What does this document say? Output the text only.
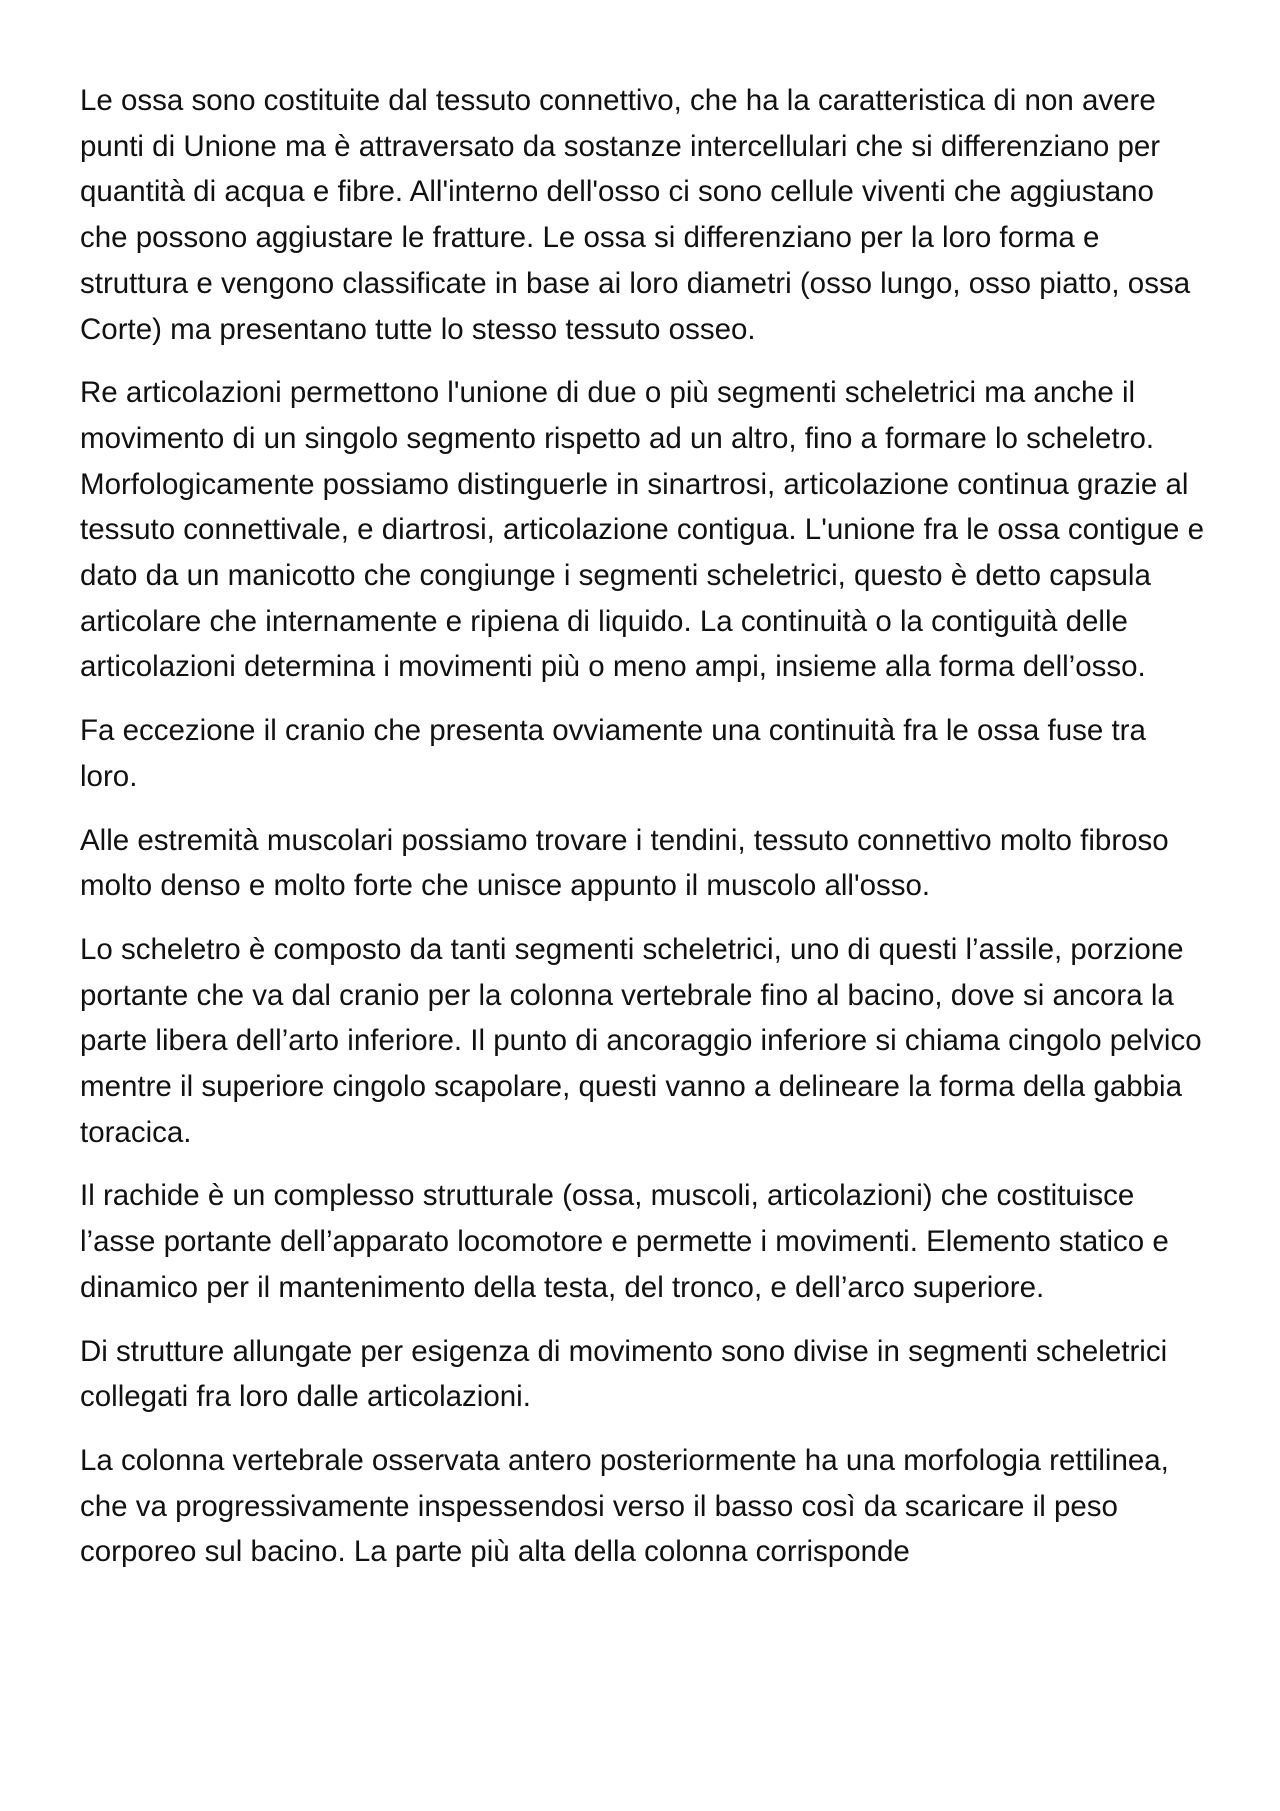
Le ossa sono costituite dal tessuto connettivo, che ha la caratteristica di non avere punti di Unione ma è attraversato da sostanze intercellulari che si differenziano per quantità di acqua e fibre. All'interno dell'osso ci sono cellule viventi che aggiustano che possono aggiustare le fratture. Le ossa si differenziano per la loro forma e struttura e vengono classificate in base ai loro diametri (osso lungo, osso piatto, ossa Corte) ma presentano tutte lo stesso tessuto osseo.

Re articolazioni permettono l'unione di due o più segmenti scheletrici ma anche il movimento di un singolo segmento rispetto ad un altro, fino a formare lo scheletro. Morfologicamente possiamo distinguerle in sinartrosi, articolazione continua grazie al tessuto connettivale, e diartrosi, articolazione contigua. L'unione fra le ossa contigue e dato da un manicotto che congiunge i segmenti scheletrici, questo è detto capsula articolare che internamente e ripiena di liquido. La continuità o la contiguità delle articolazioni determina i movimenti più o meno ampi, insieme alla forma dell’osso.

Fa eccezione il cranio che presenta ovviamente una continuità fra le ossa fuse tra loro.

Alle estremità muscolari possiamo trovare i tendini, tessuto connettivo molto fibroso molto denso e molto forte che unisce appunto il muscolo all'osso.

Lo scheletro è composto da tanti segmenti scheletrici, uno di questi l’assile, porzione portante che va dal cranio per la colonna vertebrale fino al bacino, dove si ancora la parte libera dell’arto inferiore. Il punto di ancoraggio inferiore si chiama cingolo pelvico mentre il superiore cingolo scapolare, questi vanno a delineare la forma della gabbia toracica.

Il rachide è un complesso strutturale (ossa, muscoli, articolazioni) che costituisce l’asse portante dell’apparato locomotore e permette i movimenti. Elemento statico e dinamico per il mantenimento della testa, del tronco, e dell’arco superiore.

Di strutture allungate per esigenza di movimento sono divise in segmenti scheletrici collegati fra loro dalle articolazioni.

La colonna vertebrale osservata antero posteriormente ha una morfologia rettilinea, che va progressivamente inspessendosi verso il basso così da scaricare il peso corporeo sul bacino. La parte più alta della colonna corrisponde
